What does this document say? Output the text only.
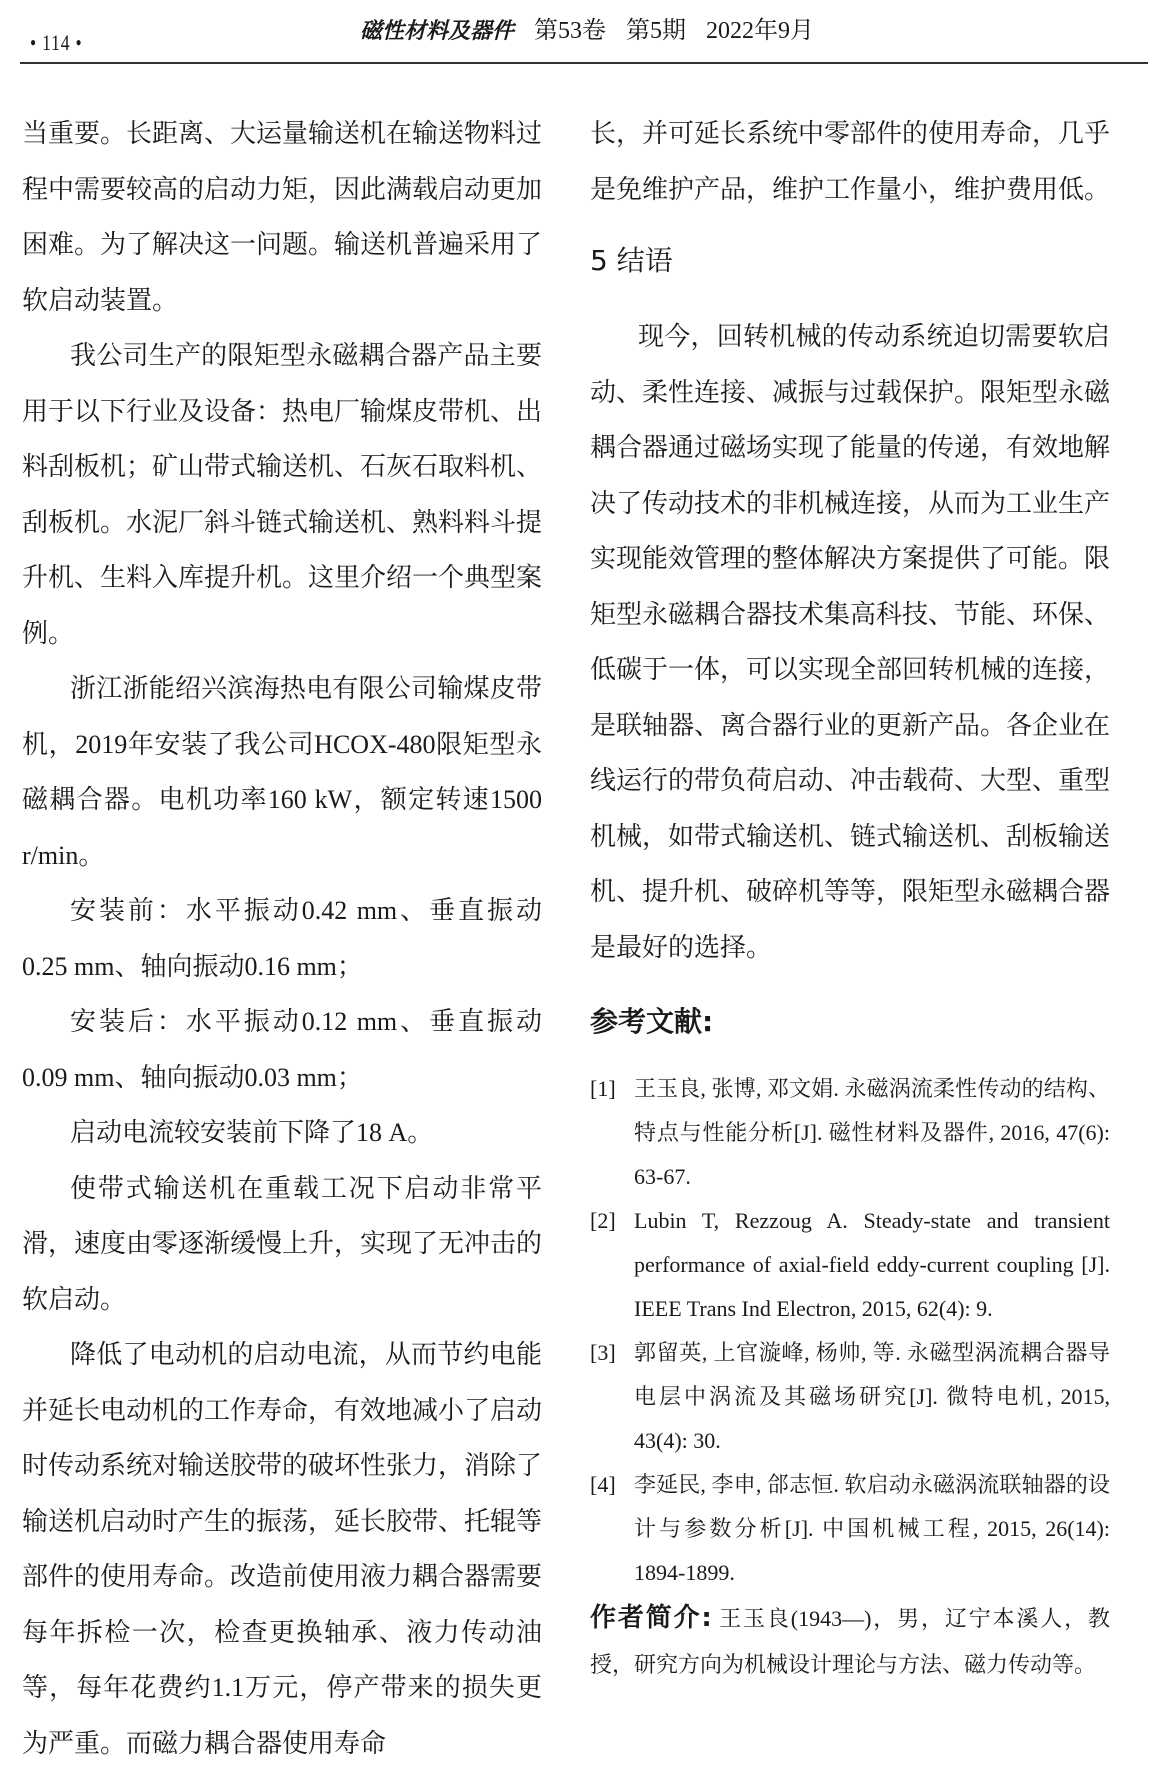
• 114 •	磁性材料及器件 第53卷 第5期 2022年9月

当重要。长距离、大运量输送机在输送物料过程中需要较高的启动力矩，因此满载启动更加困难。为了解决这一问题。输送机普遍采用了软启动装置。

我公司生产的限矩型永磁耦合器产品主要用于以下行业及设备：热电厂输煤皮带机、出料刮板机；矿山带式输送机、石灰石取料机、刮板机。水泥厂斜斗链式输送机、熟料料斗提升机、生料入库提升机。这里介绍一个典型案例。

浙江浙能绍兴滨海热电有限公司输煤皮带机，2019年安装了我公司HCOX-480限矩型永磁耦合器。电机功率160 kW，额定转速1500 r/min。

安装前：水平振动0.42 mm、垂直振动0.25 mm、轴向振动0.16 mm；

安装后：水平振动0.12 mm、垂直振动0.09 mm、轴向振动0.03 mm；

启动电流较安装前下降了18 A。

使带式输送机在重载工况下启动非常平滑，速度由零逐渐缓慢上升，实现了无冲击的软启动。

降低了电动机的启动电流，从而节约电能并延长电动机的工作寿命，有效地减小了启动时传动系统对输送胶带的破坏性张力，消除了输送机启动时产生的振荡，延长胶带、托辊等部件的使用寿命。改造前使用液力耦合器需要每年拆检一次，检查更换轴承、液力传动油等，每年花费约1.1万元，停产带来的损失更为严重。而磁力耦合器使用寿命

长，并可延长系统中零部件的使用寿命，几乎是免维护产品，维护工作量小，维护费用低。

5 结语

现今，回转机械的传动系统迫切需要软启动、柔性连接、减振与过载保护。限矩型永磁耦合器通过磁场实现了能量的传递，有效地解决了传动技术的非机械连接，从而为工业生产实现能效管理的整体解决方案提供了可能。限矩型永磁耦合器技术集高科技、节能、环保、低碳于一体，可以实现全部回转机械的连接，是联轴器、离合器行业的更新产品。各企业在线运行的带负荷启动、冲击载荷、大型、重型机械，如带式输送机、链式输送机、刮板输送机、提升机、破碎机等等，限矩型永磁耦合器是最好的选择。

参考文献:
[1] 王玉良, 张博, 邓文娟. 永磁涡流柔性传动的结构、特点与性能分析[J]. 磁性材料及器件, 2016, 47(6): 63-67.
[2] Lubin T, Rezzoug A. Steady-state and transient performance of axial-field eddy-current coupling [J]. IEEE Trans Ind Electron, 2015, 62(4): 9.
[3] 郭留英, 上官漩峰, 杨帅, 等. 永磁型涡流耦合器导电层中涡流及其磁场研究[J]. 微特电机, 2015, 43(4): 30.
[4] 李延民, 李申, 郃志恒. 软启动永磁涡流联轴器的设计与参数分析[J]. 中国机械工程, 2015, 26(14): 1894-1899.

作者简介: 王玉良(1943—)，男，辽宁本溪人，教授，研究方向为机械设计理论与方法、磁力传动等。
